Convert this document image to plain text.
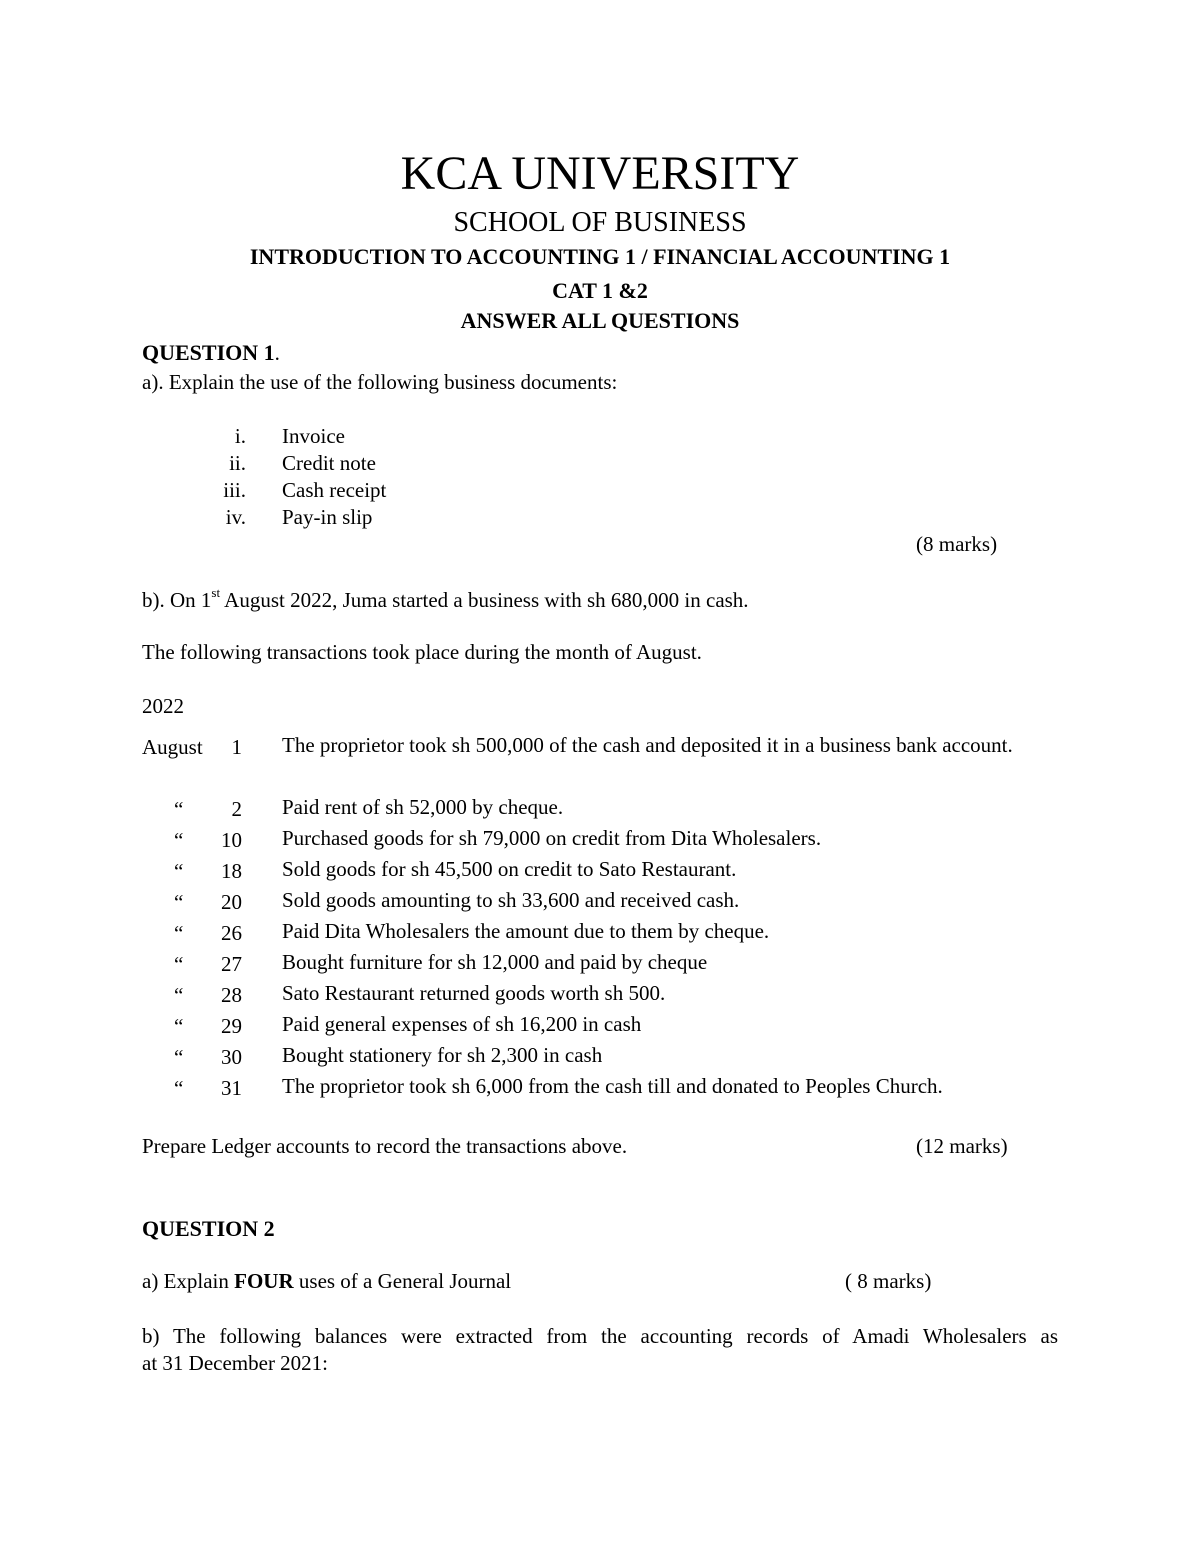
KCA UNIVERSITY
SCHOOL OF BUSINESS
INTRODUCTION TO ACCOUNTING 1 / FINANCIAL ACCOUNTING 1
CAT 1 &2
ANSWER ALL QUESTIONS
QUESTION 1.
a). Explain the use of the following business documents:
i. Invoice
ii. Credit note
iii. Cash receipt
iv. Pay-in slip
(8 marks)
b). On 1st August 2022, Juma started a business with sh 680,000 in cash.
The following transactions took place during the month of August.
2022
August	1 The proprietor took sh 500,000 of the cash and deposited it in a business bank account.
“	2 Paid rent of sh 52,000 by cheque.
“	10 Purchased goods for sh 79,000 on credit from Dita Wholesalers.
“	18 Sold goods for sh 45,500 on credit to Sato Restaurant.
“	20 Sold goods amounting to sh 33,600 and received cash.
“	26 Paid Dita Wholesalers the amount due to them by cheque.
“	27 Bought furniture for sh 12,000 and paid by cheque
“	28 Sato Restaurant returned goods worth sh 500.
“	29 Paid general expenses of sh 16,200 in cash
“	30 Bought stationery for sh 2,300 in cash
“	31 The proprietor took sh 6,000 from the cash till and donated to Peoples Church.
Prepare Ledger accounts to record the transactions above.	(12 marks)
QUESTION 2
a) Explain FOUR uses of a General Journal	( 8 marks)
b) The following balances were extracted from the accounting records of Amadi Wholesalers as
at 31 December 2021:
